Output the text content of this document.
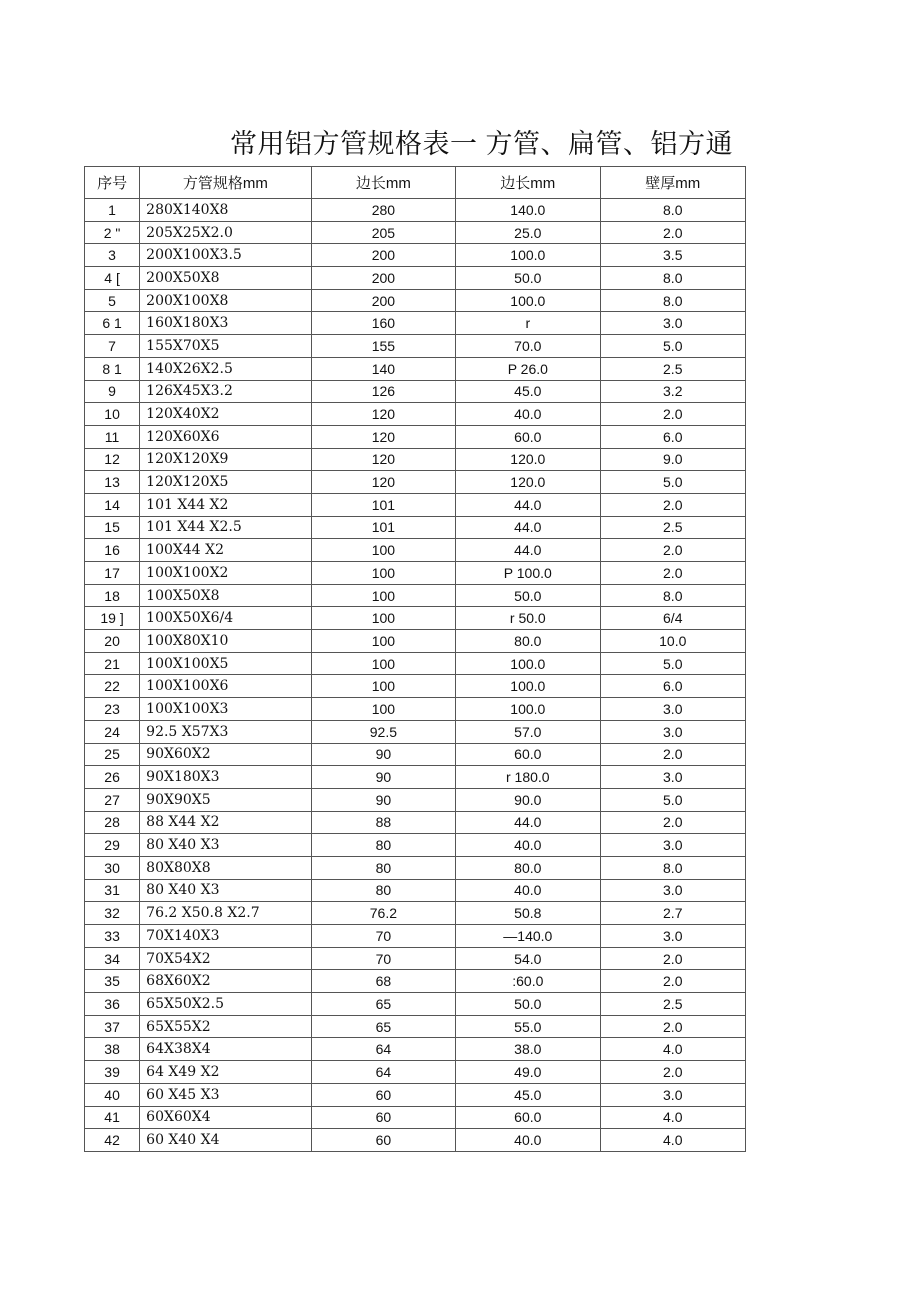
常用铝方管规格表一 方管、扁管、铝方通
序号	方管规格mm	边长mm	边长mm	壁厚mm
1	280X140X8	280	140.0	8.0
2 "	205X25X2.0	205	25.0	2.0
3	200X100X3.5	200	100.0	3.5
4 [	200X50X8	200	50.0	8.0
5	200X100X8	200	100.0	8.0
6 1	160X180X3	160	r	3.0
7	155X70X5	155	70.0	5.0
8 1	140X26X2.5	140	P 26.0	2.5
9	126X45X3.2	126	45.0	3.2
10	120X40X2	120	40.0	2.0
11	120X60X6	120	60.0	6.0
12	120X120X9	120	120.0	9.0
13	120X120X5	120	120.0	5.0
14	101 X44 X2	101	44.0	2.0
15	101 X44 X2.5	101	44.0	2.5
16	100X44 X2	100	44.0	2.0
17	100X100X2	100	P 100.0	2.0
18	100X50X8	100	50.0	8.0
19 ]	100X50X6/4	100	r 50.0	6/4
20	100X80X10	100	80.0	10.0
21	100X100X5	100	100.0	5.0
22	100X100X6	100	100.0	6.0
23	100X100X3	100	100.0	3.0
24	92.5 X57X3	92.5	57.0	3.0
25	90X60X2	90	60.0	2.0
26	90X180X3	90	r 180.0	3.0
27	90X90X5	90	90.0	5.0
28	88 X44 X2	88	44.0	2.0
29	80 X40 X3	80	40.0	3.0
30	80X80X8	80	80.0	8.0
31	80 X40 X3	80	40.0	3.0
32	76.2 X50.8 X2.7	76.2	50.8	2.7
33	70X140X3	70	—140.0	3.0
34	70X54X2	70	54.0	2.0
35	68X60X2	68	:60.0	2.0
36	65X50X2.5	65	50.0	2.5
37	65X55X2	65	55.0	2.0
38	64X38X4	64	38.0	4.0
39	64 X49 X2	64	49.0	2.0
40	60 X45 X3	60	45.0	3.0
41	60X60X4	60	60.0	4.0
42	60 X40 X4	60	40.0	4.0
